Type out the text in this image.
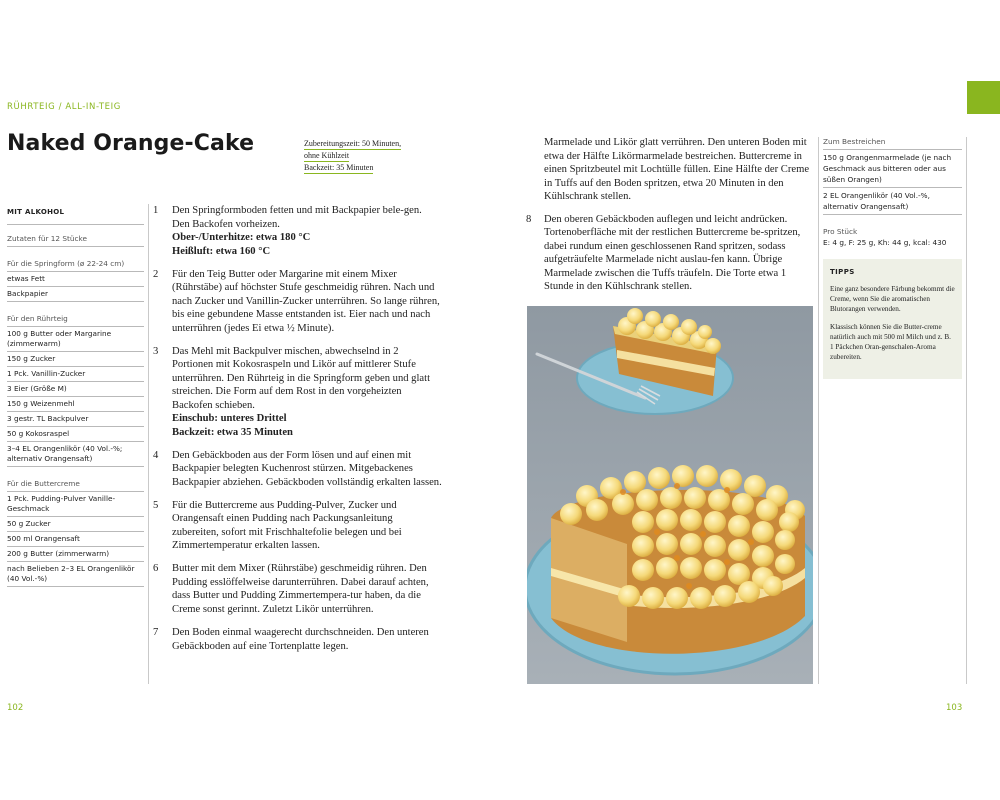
RÜHRTEIG / ALL-IN-TEIG
Naked Orange-Cake	Zubereitungszeit: 50 Minuten,
ohne Kühlzeit
Backzeit: 35 Minuten
MIT ALKOHOL
Zutaten für 12 Stücke
Für die Springform (ø 22-24 cm)
etwas Fett
Backpapier
Für den Rührteig
100 g Butter oder Margarine (zimmerwarm)
150 g Zucker
1 Pck. Vanillin-Zucker
3 Eier (Größe M)
150 g Weizenmehl
3 gestr. TL Backpulver
50 g Kokosraspel
3–4 EL Orangenlikör (40 Vol.-%; alternativ Orangensaft)
Für die Buttercreme
1 Pck. Pudding-Pulver Vanille-Geschmack
50 g Zucker
500 ml Orangensaft
200 g Butter (zimmerwarm)
nach Belieben 2–3 EL Orangenlikör (40 Vol.-%)
1 Den Springformboden fetten und mit Backpapier bele-gen. Den Backofen vorheizen.
Ober-/Unterhitze: etwa 180 °C
Heißluft: etwa 160 °C
2 Für den Teig Butter oder Margarine mit einem Mixer (Rührstäbe) auf höchster Stufe geschmeidig rühren. Nach und nach Zucker und Vanillin-Zucker unterrühren. So lange rühren, bis eine gebundene Masse entstanden ist. Eier nach und nach unterrühren (jedes Ei etwa ½ Minute).
3 Das Mehl mit Backpulver mischen, abwechselnd in 2 Portionen mit Kokosraspeln und Likör auf mittlerer Stufe unterrühren. Den Rührteig in die Springform geben und glatt streichen. Die Form auf dem Rost in den vorgeheizten Backofen schieben.
Einschub: unteres Drittel
Backzeit: etwa 35 Minuten
4 Den Gebäckboden aus der Form lösen und auf einen mit Backpapier belegten Kuchenrost stürzen. Mitgebackenes Backpapier abziehen. Gebäckboden vollständig erkalten lassen.
5 Für die Buttercreme aus Pudding-Pulver, Zucker und Orangensaft einen Pudding nach Packungsanleitung zubereiten, sofort mit Frischhaltefolie belegen und bei Zimmertemperatur erkalten lassen.
6 Butter mit dem Mixer (Rührstäbe) geschmeidig rühren. Den Pudding esslöffelweise darunterrühren. Dabei darauf achten, dass Butter und Pudding Zimmertempera-tur haben, da die Creme sonst gerinnt. Zuletzt Likör unterrühren.
7 Den Boden einmal waagerecht durchschneiden. Den unteren Gebäckboden auf eine Tortenplatte legen.
Marmelade und Likör glatt verrühren. Den unteren Boden mit etwa der Hälfte Likörmarmelade bestreichen. Buttercreme in einen Spritzbeutel mit Lochtülle füllen. Eine Hälfte der Creme in Tuffs auf den Boden spritzen, etwa 20 Minuten in den Kühlschrank stellen.
8 Den oberen Gebäckboden auflegen und leicht andrücken. Tortenoberfläche mit der restlichen Buttercreme be-spritzen, dabei rundum einen geschlossenen Rand spritzen, sodass aufgeträufelte Marmelade nicht auslau-fen kann. Übrige Marmelade zwischen die Tuffs träufeln. Die Torte etwa 1 Stunde in den Kühlschrank stellen.
Zum Bestreichen
150 g Orangenmarmelade (je nach Geschmack aus bitteren oder aus süßen Orangen)
2 EL Orangenlikör (40 Vol.-%, alternativ Orangensaft)
Pro Stück
E: 4 g, F: 25 g, Kh: 44 g, kcal: 430
TIPPS

Eine ganz besondere Färbung bekommt die Creme, wenn Sie die aromatischen Blutorangen verwenden.

Klassisch können Sie die Butter-creme natürlich auch mit 500 ml Milch und z. B. 1 Päckchen Oran-genschalen-Aroma zubereiten.

102	103
